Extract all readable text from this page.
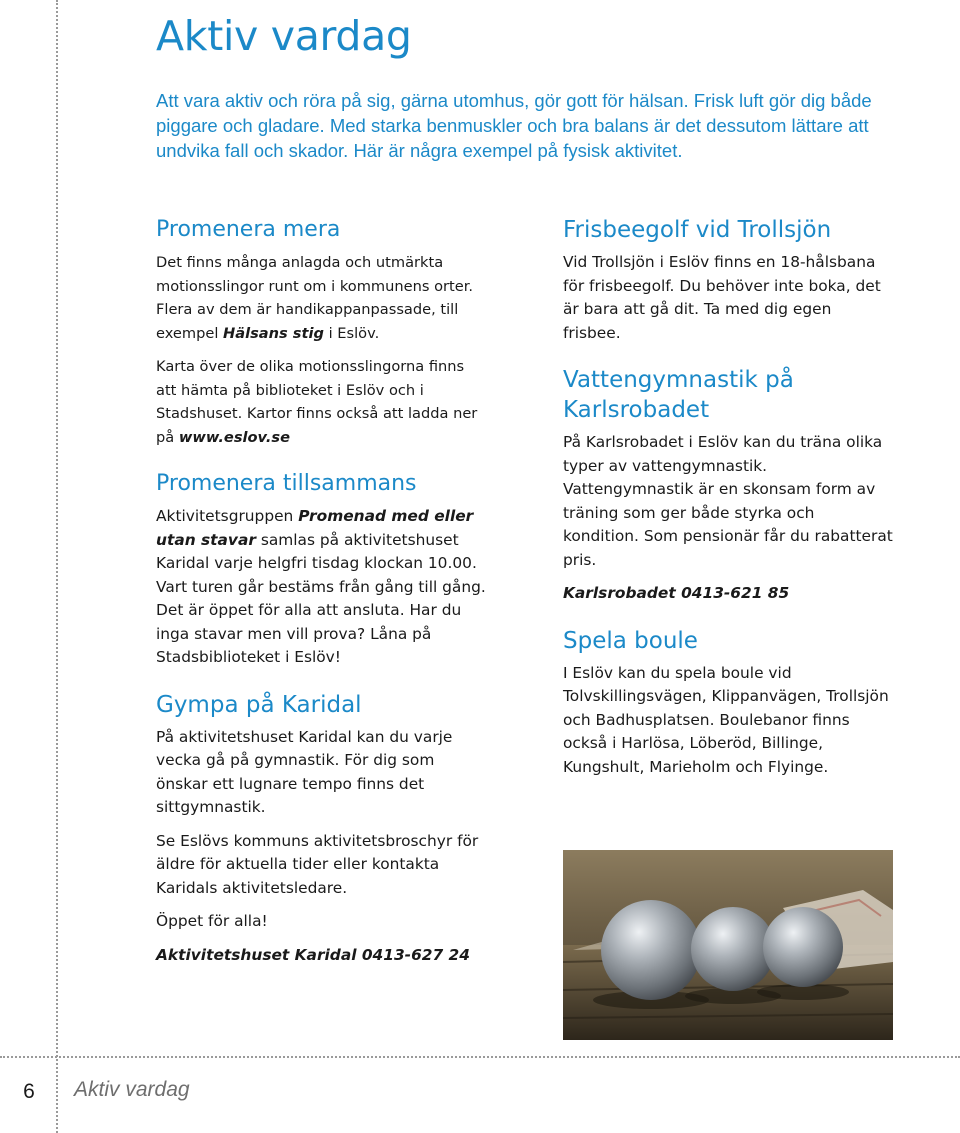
Aktiv vardag

Att vara aktiv och röra på sig, gärna utomhus, gör gott för hälsan. Frisk luft gör dig både piggare och gladare. Med starka benmuskler och bra balans är det dessutom lättare att undvika fall och skador. Här är några exempel på fysisk aktivitet.

Promenera mera

Det finns många anlagda och utmärkta motionsslingor runt om i kommunens orter. Flera av dem är handikappanpassade, till exempel Hälsans stig i Eslöv.

Karta över de olika motionsslingorna finns att hämta på biblioteket i Eslöv och i Stadshuset. Kartor finns också att ladda ner på www.eslov.se

Promenera tillsammans

Aktivitetsgruppen Promenad med eller utan stavar samlas på aktivitetshuset Karidal varje helgfri tisdag klockan 10.00. Vart turen går bestäms från gång till gång. Det är öppet för alla att ansluta. Har du inga stavar men vill prova? Låna på Stadsbiblioteket i Eslöv!

Gympa på Karidal

På aktivitetshuset Karidal kan du varje vecka gå på gymnastik. För dig som önskar ett lugnare tempo finns det sittgymnastik.

Se Eslövs kommuns aktivitetsbroschyr för äldre för aktuella tider eller kontakta Karidals aktivitetsledare.

Öppet för alla!

Aktivitetshuset Karidal 0413-627 24

Frisbeegolf vid Trollsjön

Vid Trollsjön i Eslöv finns en 18-hålsbana för frisbeegolf. Du behöver inte boka, det är bara att gå dit. Ta med dig egen frisbee.

Vattengymnastik på Karlsrobadet

På Karlsrobadet i Eslöv kan du träna olika typer av vattengymnastik. Vattengymnastik är en skonsam form av träning som ger både styrka och kondition. Som pensionär får du rabatterat pris.

Karlsrobadet 0413-621 85

Spela boule

I Eslöv kan du spela boule vid Tolvskillingsvägen, Klippanvägen, Trollsjön och Badhusplatsen. Boulebanor finns också i Harlösa, Löberöd, Billinge, Kungshult, Marieholm och Flyinge.

6 Aktiv vardag
